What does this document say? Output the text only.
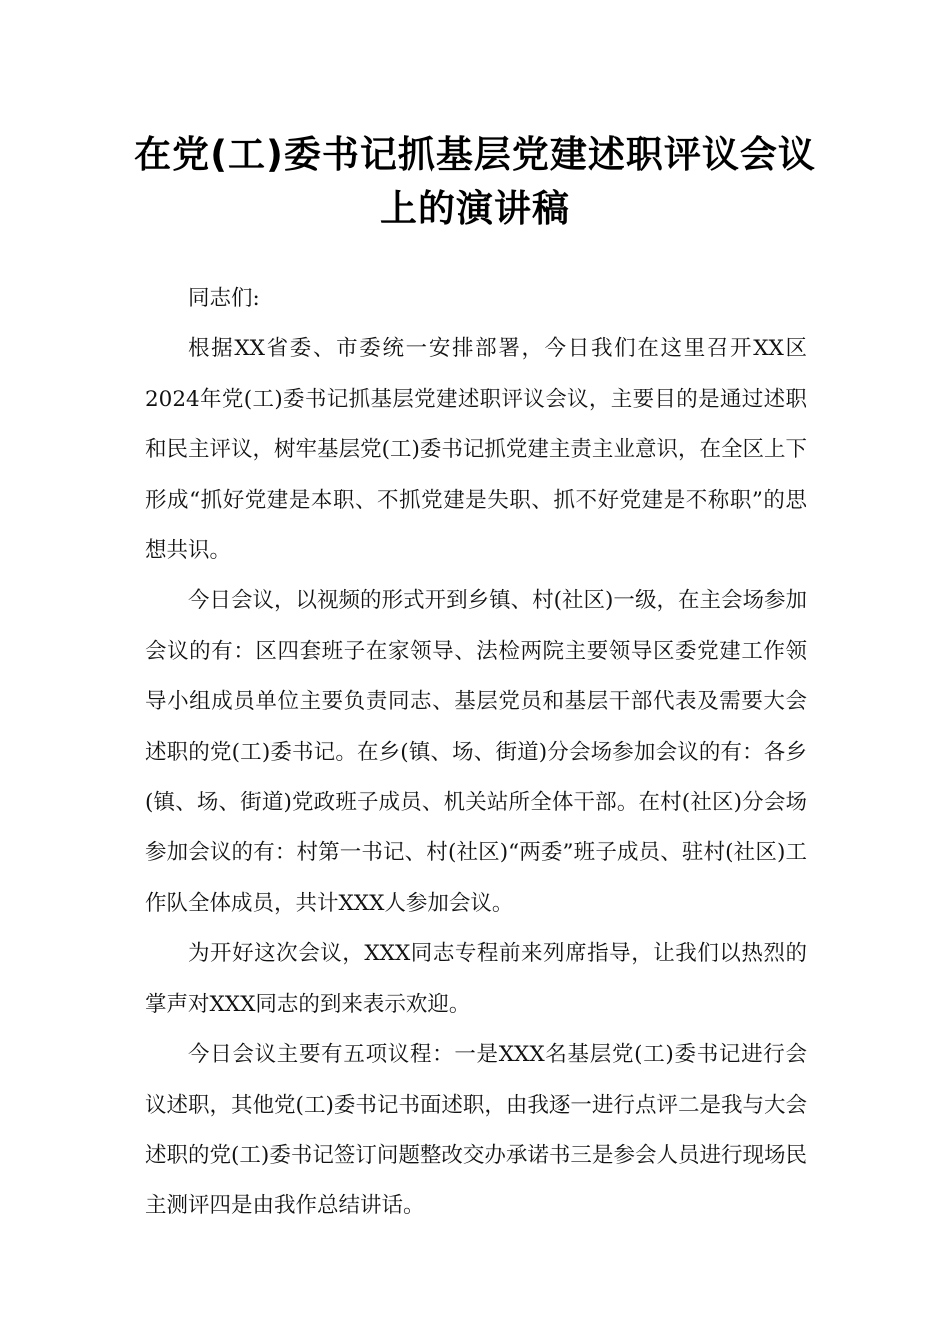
在党(工)委书记抓基层党建述职评议会议上的演讲稿

同志们:

根据XX省委、市委统一安排部署，今日我们在这里召开XX区2024年党(工)委书记抓基层党建述职评议会议，主要目的是通过述职和民主评议，树牢基层党(工)委书记抓党建主责主业意识，在全区上下形成“抓好党建是本职、不抓党建是失职、抓不好党建是不称职”的思想共识。

今日会议，以视频的形式开到乡镇、村(社区)一级，在主会场参加会议的有：区四套班子在家领导、法检两院主要领导区委党建工作领导小组成员单位主要负责同志、基层党员和基层干部代表及需要大会述职的党(工)委书记。在乡(镇、场、街道)分会场参加会议的有：各乡(镇、场、街道)党政班子成员、机关站所全体干部。在村(社区)分会场参加会议的有：村第一书记、村(社区)“两委”班子成员、驻村(社区)工作队全体成员，共计XXX人参加会议。

为开好这次会议，XXX同志专程前来列席指导，让我们以热烈的掌声对XXX同志的到来表示欢迎。

今日会议主要有五项议程：一是XXX名基层党(工)委书记进行会议述职，其他党(工)委书记书面述职，由我逐一进行点评二是我与大会述职的党(工)委书记签订问题整改交办承诺书三是参会人员进行现场民主测评四是由我作总结讲话。
